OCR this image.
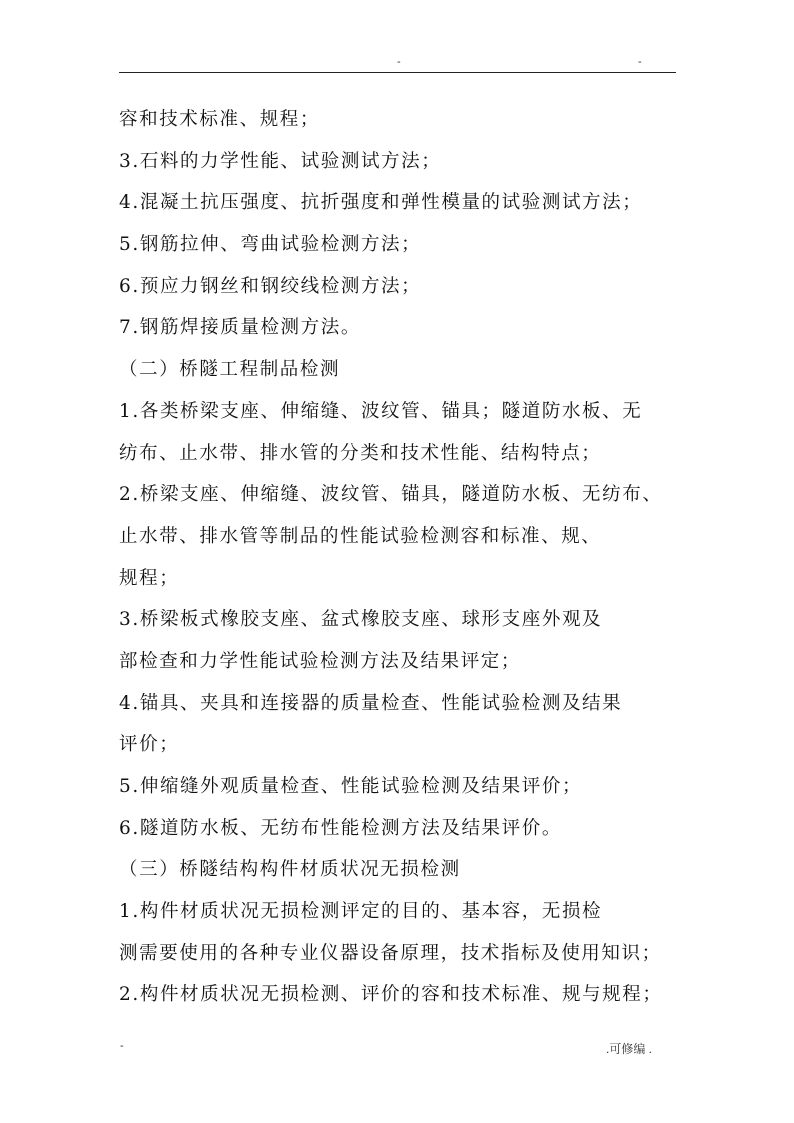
-	-
容和技术标准、规程；
3.石料的力学性能、试验测试方法；
4.混凝土抗压强度、抗折强度和弹性模量的试验测试方法；
5.钢筋拉伸、弯曲试验检测方法；
6.预应力钢丝和钢绞线检测方法；
7.钢筋焊接质量检测方法。
（二）桥隧工程制品检测
1.各类桥梁支座、伸缩缝、波纹管、锚具；隧道防水板、无
纺布、止水带、排水管的分类和技术性能、结构特点；
2.桥梁支座、伸缩缝、波纹管、锚具，隧道防水板、无纺布、
止水带、排水管等制品的性能试验检测容和标准、规、
规程；
3.桥梁板式橡胶支座、盆式橡胶支座、球形支座外观及
部检查和力学性能试验检测方法及结果评定；
4.锚具、夹具和连接器的质量检查、性能试验检测及结果
评价；
5.伸缩缝外观质量检查、性能试验检测及结果评价；
6.隧道防水板、无纺布性能检测方法及结果评价。
（三）桥隧结构构件材质状况无损检测
1.构件材质状况无损检测评定的目的、基本容，无损检
测需要使用的各种专业仪器设备原理，技术指标及使用知识；
2.构件材质状况无损检测、评价的容和技术标准、规与规程；
-	.可修编 .
